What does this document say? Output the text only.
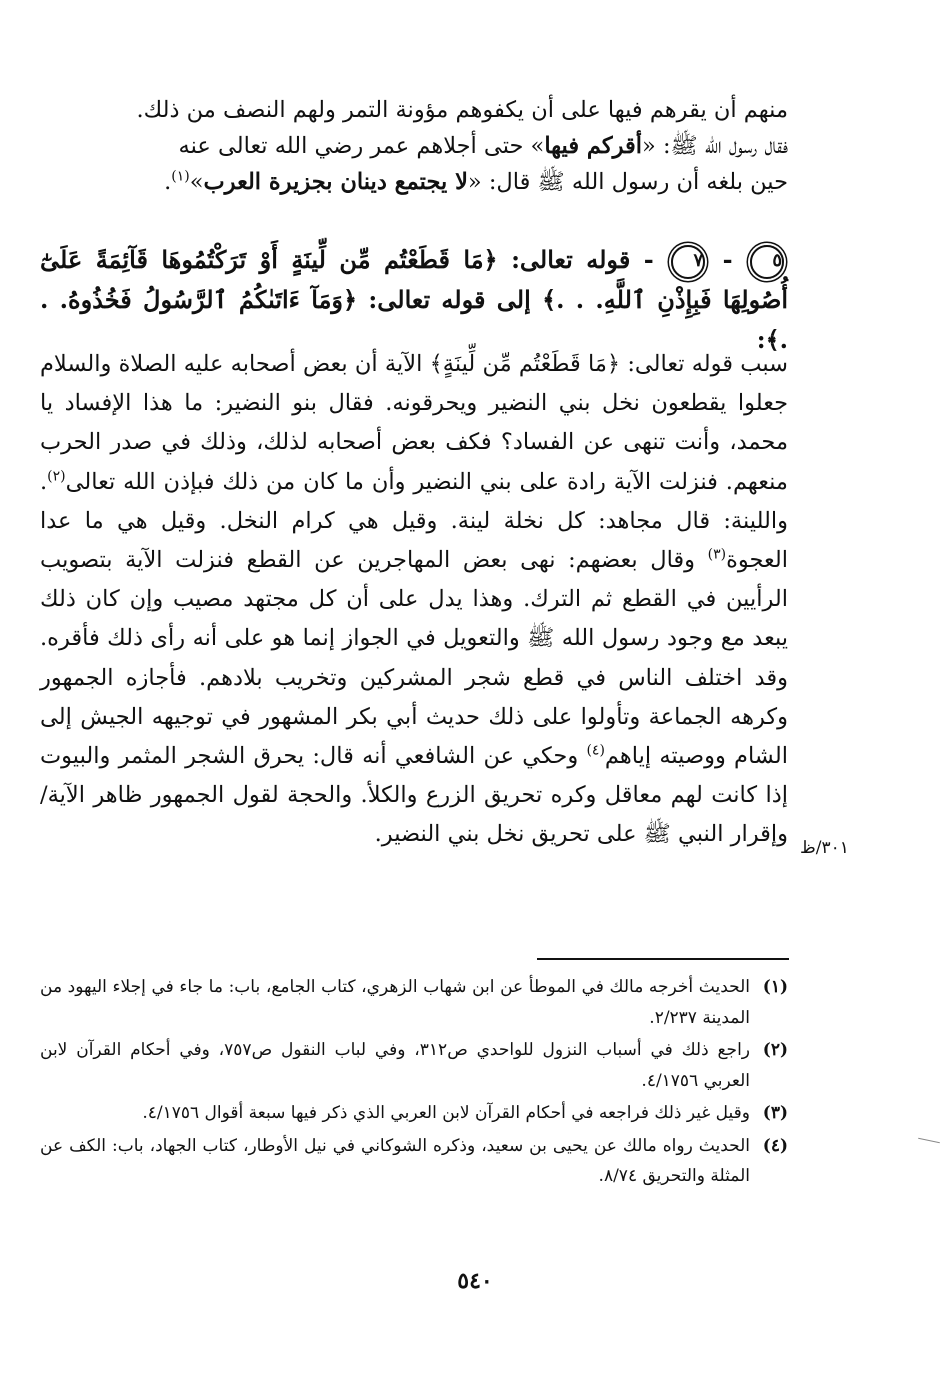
منهم أن يقرهم فيها على أن يكفوهم مؤونة التمر ولهم النصف من ذلك.

فقال رسول الله ﷺ: «أقركم فيها» حتى أجلاهم عمر رضي الله تعالى عنه

حين بلغه أن رسول الله ﷺ قال: «لا يجتمع دينان بجزيرة العرب»$^{(١)}$.

٥ - ٧ - قوله تعالى: ﴿مَا قَطَعْتُم مِّن لِّينَةٍ أَوْ تَرَكْتُمُوهَا قَآئِمَةً عَلَىٰٓ أُصُولِهَا فَبِإِذْنِ ٱللَّهِ. . .﴾ إلى قوله تعالى: ﴿وَمَآ ءَاتَىٰكُمُ ٱلرَّسُولُ فَخُذُوهُ. . .﴾:

سبب قوله تعالى: ﴿مَا قَطَعْتُم مِّن لِّينَةٍ﴾ الآية أن بعض أصحابه عليه الصلاة والسلام جعلوا يقطعون نخل بني النضير ويحرقونه. فقال بنو النضير: ما هذا الإفساد يا محمد، وأنت تنهى عن الفساد؟ فكف بعض أصحابه لذلك، وذلك في صدر الحرب منعهم. فنزلت الآية رادة على بني النضير وأن ما كان من ذلك فبإذن الله تعالى$^{(٢)}$. واللينة: قال مجاهد: كل نخلة لينة. وقيل هي كرام النخل. وقيل هي ما عدا العجوة$^{(٣)}$ وقال بعضهم: نهى بعض المهاجرين عن القطع فنزلت الآية بتصويب الرأيين في القطع ثم الترك. وهذا يدل على أن كل مجتهد مصيب وإن كان ذلك يبعد مع وجود رسول الله ﷺ والتعويل في الجواز إنما هو على أنه رأى ذلك فأقره. وقد اختلف الناس في قطع شجر المشركين وتخريب بلادهم. فأجازه الجمهور وكرهه الجماعة وتأولوا على ذلك حديث أبي بكر المشهور في توجيهه الجيش إلى الشام ووصيته إياهم$^{(٤)}$ وحكي عن الشافعي أنه قال: يحرق الشجر المثمر والبيوت إذا كانت لهم معاقل وكره تحريق الزرع والكلأ. والحجة لقول الجمهور ظاهر الآية/ وإقرار النبي ﷺ على تحريق نخل بني النضير.

٣٠١/ظ
(١)
الحديث أخرجه مالك في الموطأ عن ابن شهاب الزهري، كتاب الجامع، باب: ما جاء في إجلاء اليهود من المدينة ٢/٢٣٧.
(٢)
راجع ذلك في أسباب النزول للواحدي ص٣١٢، وفي لباب النقول ص٧٥٧، وفي أحكام القرآن لابن العربي ٤/١٧٥٦.
(٣)
وقيل غير ذلك فراجعه في أحكام القرآن لابن العربي الذي ذكر فيها سبعة أقوال ٤/١٧٥٦.
(٤)
الحديث رواه مالك عن يحيى بن سعيد، وذكره الشوكاني في نيل الأوطار، كتاب الجهاد، باب: الكف عن المثلة والتحريق ٨/٧٤.
٥٤٠
